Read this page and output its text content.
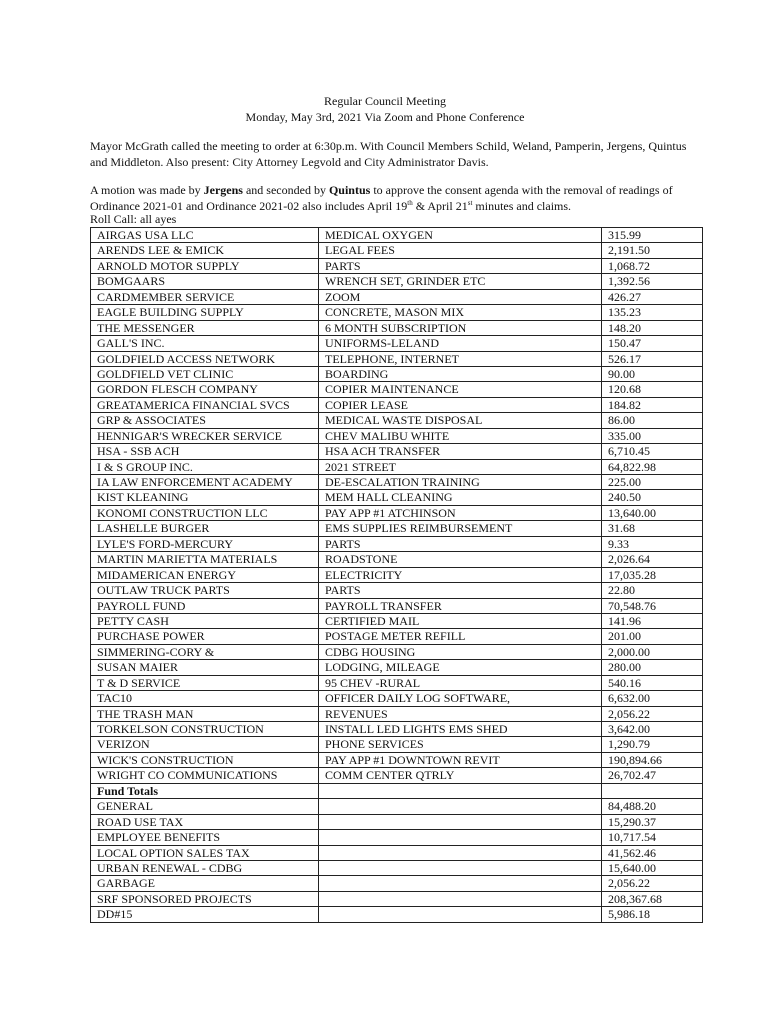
Regular Council Meeting
Monday, May 3rd, 2021 Via Zoom and Phone Conference
Mayor McGrath called the meeting to order at 6:30p.m. With Council Members Schild, Weland, Pamperin, Jergens, Quintus and Middleton. Also present: City Attorney Legvold and City Administrator Davis.
A motion was made by Jergens and seconded by Quintus to approve the consent agenda with the removal of readings of Ordinance 2021-01 and Ordinance 2021-02 also includes April 19th & April 21st minutes and claims.
Roll Call: all ayes
AIRGAS USA LLC	MEDICAL OXYGEN	315.99
ARENDS LEE & EMICK	LEGAL FEES	2,191.50
ARNOLD MOTOR SUPPLY	PARTS	1,068.72
BOMGAARS	WRENCH SET, GRINDER ETC	1,392.56
CARDMEMBER SERVICE	ZOOM	426.27
EAGLE BUILDING SUPPLY	CONCRETE, MASON MIX	135.23
THE MESSENGER	6 MONTH SUBSCRIPTION	148.20
GALL'S INC.	UNIFORMS-LELAND	150.47
GOLDFIELD ACCESS NETWORK	TELEPHONE, INTERNET	526.17
GOLDFIELD VET CLINIC	BOARDING	90.00
GORDON FLESCH COMPANY	COPIER MAINTENANCE	120.68
GREATAMERICA FINANCIAL SVCS	COPIER LEASE	184.82
GRP & ASSOCIATES	MEDICAL WASTE DISPOSAL	86.00
HENNIGAR'S WRECKER SERVICE	CHEV MALIBU WHITE	335.00
HSA - SSB ACH	HSA ACH TRANSFER	6,710.45
I & S GROUP INC.	2021 STREET	64,822.98
IA LAW ENFORCEMENT ACADEMY	DE-ESCALATION TRAINING	225.00
KIST KLEANING	MEM HALL CLEANING	240.50
KONOMI CONSTRUCTION LLC	PAY APP #1 ATCHINSON	13,640.00
LASHELLE BURGER	EMS SUPPLIES REIMBURSEMENT	31.68
LYLE'S FORD-MERCURY	PARTS	9.33
MARTIN MARIETTA MATERIALS	ROADSTONE	2,026.64
MIDAMERICAN ENERGY	ELECTRICITY	17,035.28
OUTLAW TRUCK PARTS	PARTS	22.80
PAYROLL FUND	PAYROLL TRANSFER	70,548.76
PETTY CASH	CERTIFIED MAIL	141.96
PURCHASE POWER	POSTAGE METER REFILL	201.00
SIMMERING-CORY &	CDBG HOUSING	2,000.00
SUSAN MAIER	LODGING, MILEAGE	280.00
T & D SERVICE	95 CHEV -RURAL	540.16
TAC10	OFFICER DAILY LOG SOFTWARE,	6,632.00
THE TRASH MAN	REVENUES	2,056.22
TORKELSON CONSTRUCTION	INSTALL LED LIGHTS EMS SHED	3,642.00
VERIZON	PHONE SERVICES	1,290.79
WICK'S CONSTRUCTION	PAY APP #1 DOWNTOWN REVIT	190,894.66
WRIGHT CO COMMUNICATIONS	COMM CENTER QTRLY	26,702.47
Fund Totals		
GENERAL		84,488.20
ROAD USE TAX		15,290.37
EMPLOYEE BENEFITS		10,717.54
LOCAL OPTION SALES TAX		41,562.46
URBAN RENEWAL - CDBG		15,640.00
GARBAGE		2,056.22
SRF SPONSORED PROJECTS		208,367.68
DD#15		5,986.18
